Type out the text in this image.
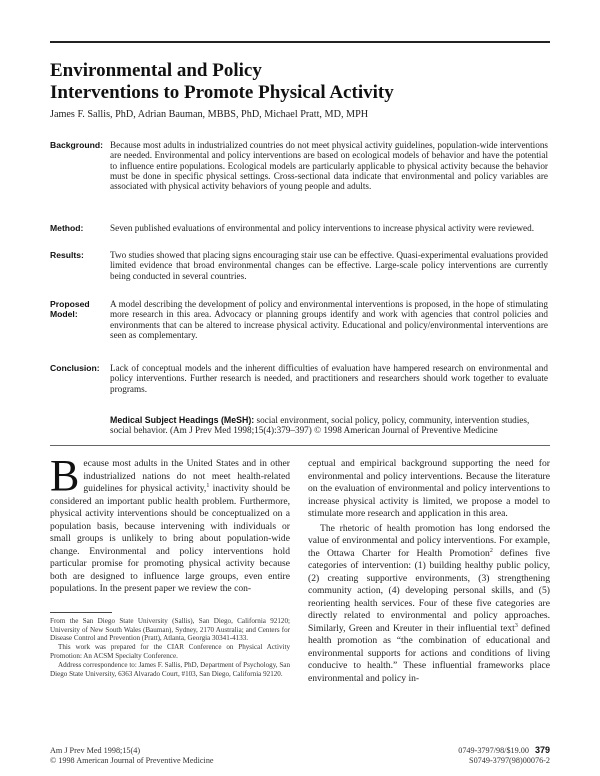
Environmental and Policy
Interventions to Promote Physical Activity
James F. Sallis, PhD, Adrian Bauman, MBBS, PhD, Michael Pratt, MD, MPH
Background: Because most adults in industrialized countries do not meet physical activity guidelines, population-wide interventions are needed. Environmental and policy interventions are based on ecological models of behavior and have the potential to influence entire populations. Ecological models are particularly applicable to physical activity because the behavior must be done in specific physical settings. Cross-sectional data indicate that environmental and policy variables are associated with physical activity behaviors of young people and adults.
Method:	Seven published evaluations of environmental and policy interventions to increase physical activity were reviewed.
Results:	Two studies showed that placing signs encouraging stair use can be effective. Quasi-experimental evaluations provided limited evidence that broad environmental changes can be effective. Large-scale policy interventions are currently being conducted in several countries.
Proposed
Model:
A model describing the development of policy and environmental interventions is proposed, in the hope of stimulating more research in this area. Advocacy or planning groups identify and work with agencies that control policies and environments that can be altered to increase physical activity. Educational and policy/environmental interventions are seen as complementary.
Conclusion:	Lack of conceptual models and the inherent difficulties of evaluation have hampered research on environmental and policy interventions. Further research is needed, and practitioners and researchers should work together to evaluate programs.
Medical Subject Headings (MeSH): social environment, social policy, policy, community, intervention studies, social behavior. (Am J Prev Med 1998;15(4):379–397) © 1998 American Journal of Preventive Medicine

Because most adults in the United States and in other industrialized nations do not meet health-related guidelines for physical activity,$^1$ inactivity should be considered an important public health problem. Furthermore, physical activity interventions should be conceptualized on a population basis, because intervening with individuals or small groups is unlikely to bring about population-wide change. Environmental and policy interventions hold particular promise for promoting physical activity because both are designed to influence large groups, even entire populations. In the present paper we review the con-

ceptual and empirical background supporting the need for environmental and policy interventions. Because the literature on the evaluation of environmental and policy interventions to increase physical activity is limited, we propose a model to stimulate more research and application in this area.

The rhetoric of health promotion has long endorsed the value of environmental and policy interventions. For example, the Ottawa Charter for Health Promotion$^2$ defines five categories of intervention: (1) building healthy public policy, (2) creating supportive environments, (3) strengthening community action, (4) developing personal skills, and (5) reorienting health services. Four of these five categories are directly related to environmental and policy approaches. Similarly, Green and Kreuter in their influential text$^3$ defined health promotion as “the combination of educational and environmental supports for actions and conditions of living conducive to health.” These influential frameworks place environmental and policy in-

From the San Diego State University (Sallis), San Diego, California 92120; University of New South Wales (Bauman), Sydney, 2170 Australia; and Centers for Disease Control and Prevention (Pratt), Atlanta, Georgia 30341-4133.

This work was prepared for the CIAR Conference on Physical Activity Promotion: An ACSM Specialty Conference.

Address correspondence to: James F. Sallis, PhD, Department of Psychology, San Diego State University, 6363 Alvarado Court, #103, San Diego, California 92120.

Am J Prev Med 1998;15(4)
© 1998 American Journal of Preventive Medicine
0749-3797/98/$19.00 379
S0749-3797(98)00076-2
